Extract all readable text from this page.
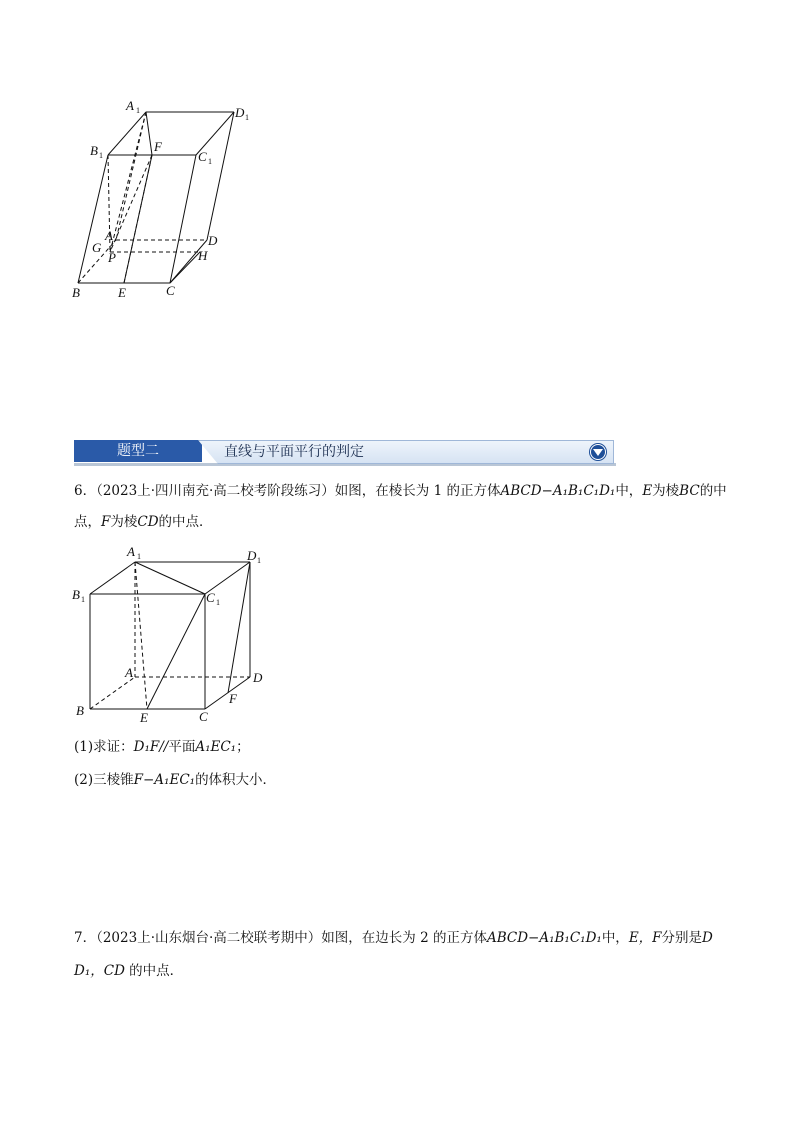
A 1	D 1
B 1
F
C 1
G
A	D
P	H
B	E	C
题型二	直线与平面平行的判定
6．（2023上·四川南充·高二校考阶段练习）如图，在棱长为 1 的正方体ABCD−A₁B₁C₁D₁中，E为棱BC的中
点，F为棱CD的中点．
A 1	D 1
B 1	C 1
A	D
F
B	E	C
(1)求证：D₁F//平面A₁EC₁；
(2)三棱锥F−A₁EC₁的体积大小．
7．（2023上·山东烟台·高二校联考期中）如图，在边长为 2 的正方体ABCD−A₁B₁C₁D₁中，E，F分别是D
D₁，CD 的中点．
